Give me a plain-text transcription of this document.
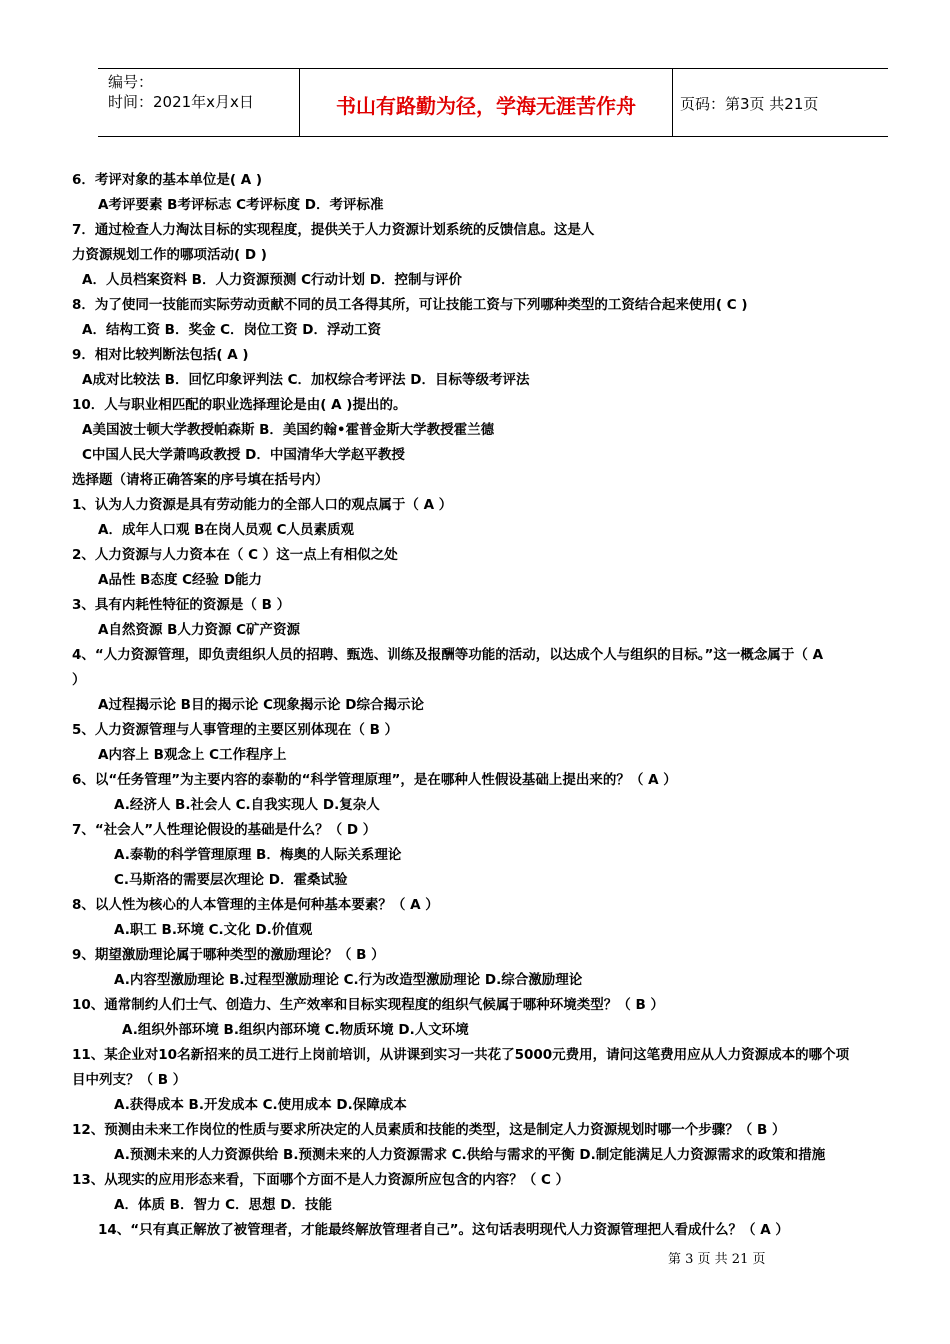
编号：
时间：2021年x月x日	书山有路勤为径，学海无涯苦作舟	页码：第3页 共21页
6．考评对象的基本单位是( A )
A考评要素 B考评标志 C考评标度 D．考评标准
7．通过检查人力淘汰目标的实现程度，提供关于人力资源计划系统的反馈信息。这是人
力资源规划工作的哪项活动( D )
A．人员档案资料 B．人力资源预测 C行动计划 D．控制与评价
8．为了使同一技能而实际劳动贡献不同的员工各得其所，可让技能工资与下列哪种类型的工资结合起来使用( C )
A．结构工资 B．奖金 C．岗位工资 D．浮动工资
9．相对比较判断法包括( A )
A成对比较法 B．回忆印象评判法 C．加权综合考评法 D．目标等级考评法
10．人与职业相匹配的职业选择理论是由( A )提出的。
A美国波士顿大学教授帕森斯 B．美国约翰•霍普金斯大学教授霍兰德
C中国人民大学萧鸣政教授 D．中国清华大学赵平教授
选择题（请将正确答案的序号填在括号内）
1、认为人力资源是具有劳动能力的全部人口的观点属于（ A ）
A．成年人口观 B在岗人员观 C人员素质观
2、人力资源与人力资本在（ C ）这一点上有相似之处
A品性 B态度 C经验 D能力
3、具有内耗性特征的资源是（ B ）
A自然资源 B人力资源 C矿产资源
4、“人力资源管理，即负责组织人员的招聘、甄选、训练及报酬等功能的活动，以达成个人与组织的目标。”这一概念属于（ A
）
A过程揭示论 B目的揭示论 C现象揭示论 D综合揭示论
5、人力资源管理与人事管理的主要区别体现在（ B ）
A内容上 B观念上 C工作程序上
6、以“任务管理”为主要内容的泰勒的“科学管理原理”，是在哪种人性假设基础上提出来的？（ A ）
A.经济人 B.社会人 C.自我实现人 D.复杂人
7、“社会人”人性理论假设的基础是什么？（ D ）
A.泰勒的科学管理原理 B．梅奥的人际关系理论
C.马斯洛的需要层次理论 D．霍桑试验
8、以人性为核心的人本管理的主体是何种基本要素？（ A ）
A.职工 B.环境 C.文化 D.价值观
9、期望激励理论属于哪种类型的激励理论？（ B ）
A.内容型激励理论 B.过程型激励理论 C.行为改造型激励理论 D.综合激励理论
10、通常制约人们士气、创造力、生产效率和目标实现程度的组织气候属于哪种环境类型？（ B ）
A.组织外部环境 B.组织内部环境 C.物质环境 D.人文环境
11、某企业对10名新招来的员工进行上岗前培训，从讲课到实习一共花了5000元费用，请问这笔费用应从人力资源成本的哪个项
目中列支？（ B ）
A.获得成本 B.开发成本 C.使用成本 D.保障成本
12、预测由未来工作岗位的性质与要求所决定的人员素质和技能的类型，这是制定人力资源规划时哪一个步骤？（ B ）
A.预测未来的人力资源供给 B.预测未来的人力资源需求 C.供给与需求的平衡 D.制定能满足人力资源需求的政策和措施
13、从现实的应用形态来看，下面哪个方面不是人力资源所应包含的内容？（ C ）
A．体质 B．智力 C．思想 D．技能
14、“只有真正解放了被管理者，才能最终解放管理者自己”。这句话表明现代人力资源管理把人看成什么？（ A ）
第 3 页 共 21 页
